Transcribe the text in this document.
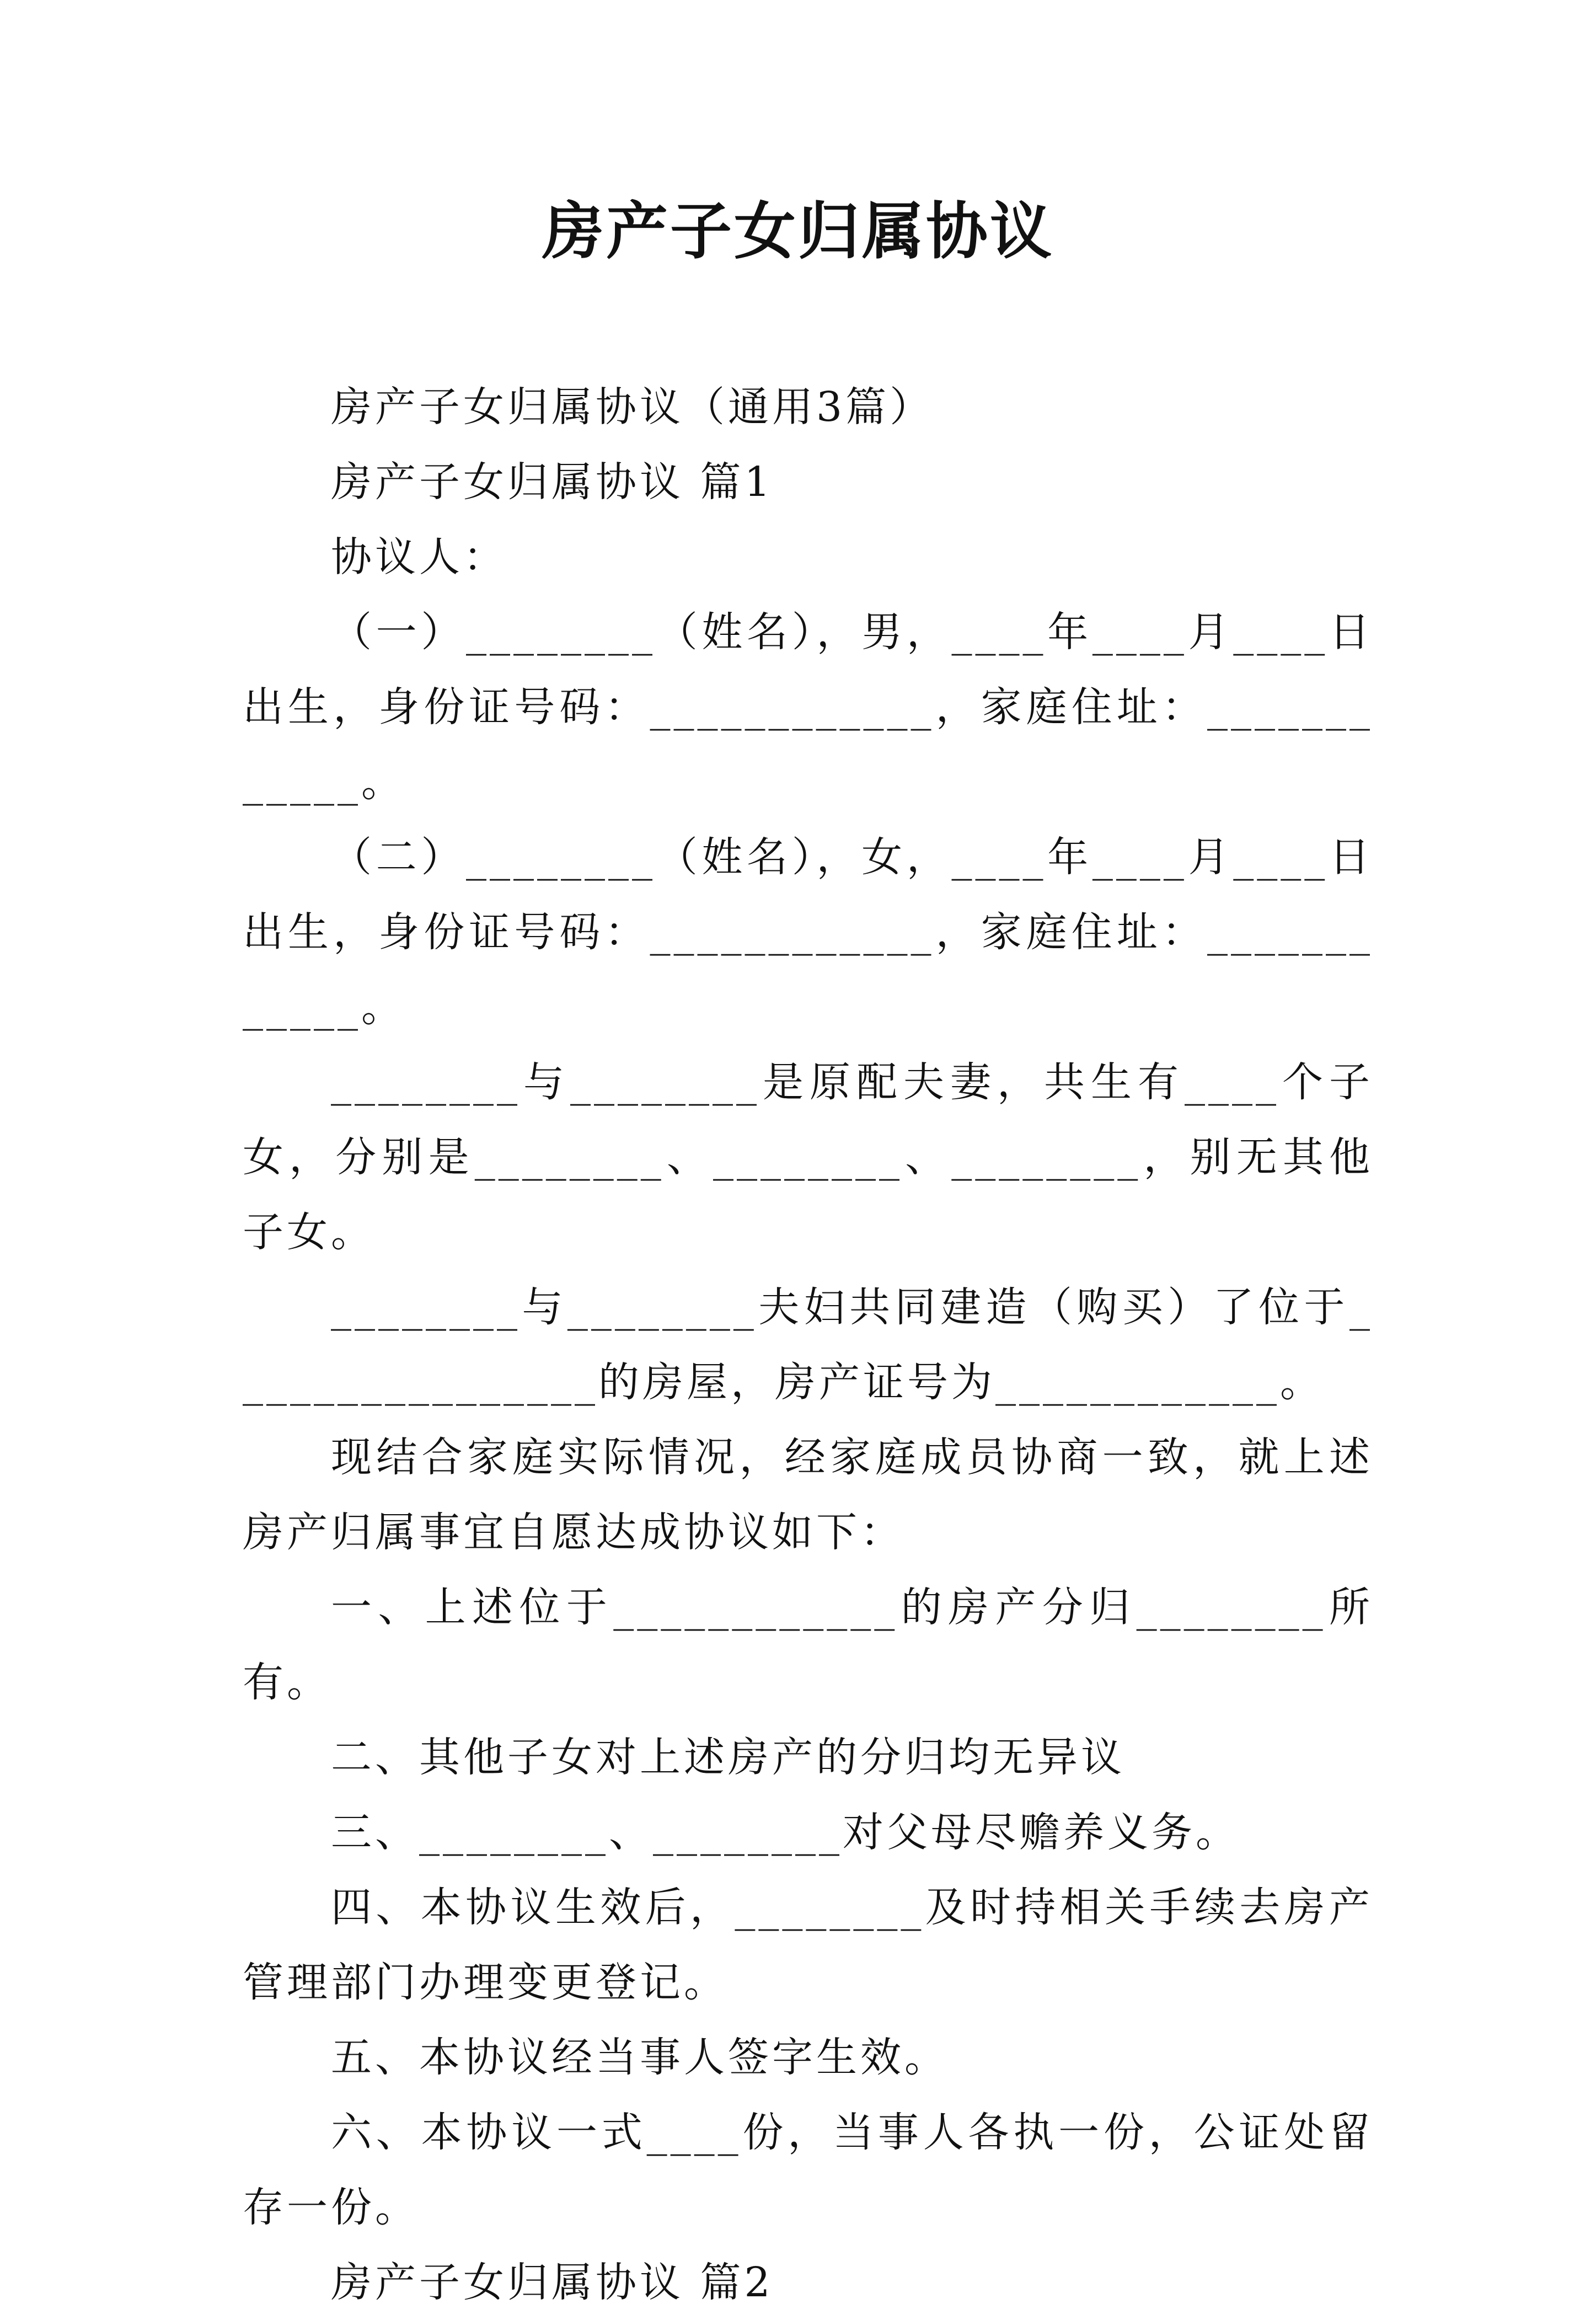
房产子女归属协议

房产子女归属协议（通用3篇）

房产子女归属协议 篇1

协议人：

（一）________（姓名），男，____年____月____日出生，身份证号码：____________，家庭住址：____________。

（二）________（姓名），女，____年____月____日出生，身份证号码：____________，家庭住址：____________。

________与________是原配夫妻，共生有____个子女，分别是________、________、________，别无其他子女。

________与________夫妇共同建造（购买）了位于________________的房屋，房产证号为____________。

现结合家庭实际情况，经家庭成员协商一致，就上述房产归属事宜自愿达成协议如下：

一、上述位于____________的房产分归________所有。

二、其他子女对上述房产的分归均无异议

三、________、________对父母尽赡养义务。

四、本协议生效后，________及时持相关手续去房产管理部门办理变更登记。

五、本协议经当事人签字生效。

六、本协议一式____份，当事人各执一份，公证处留存一份。

房产子女归属协议 篇2
